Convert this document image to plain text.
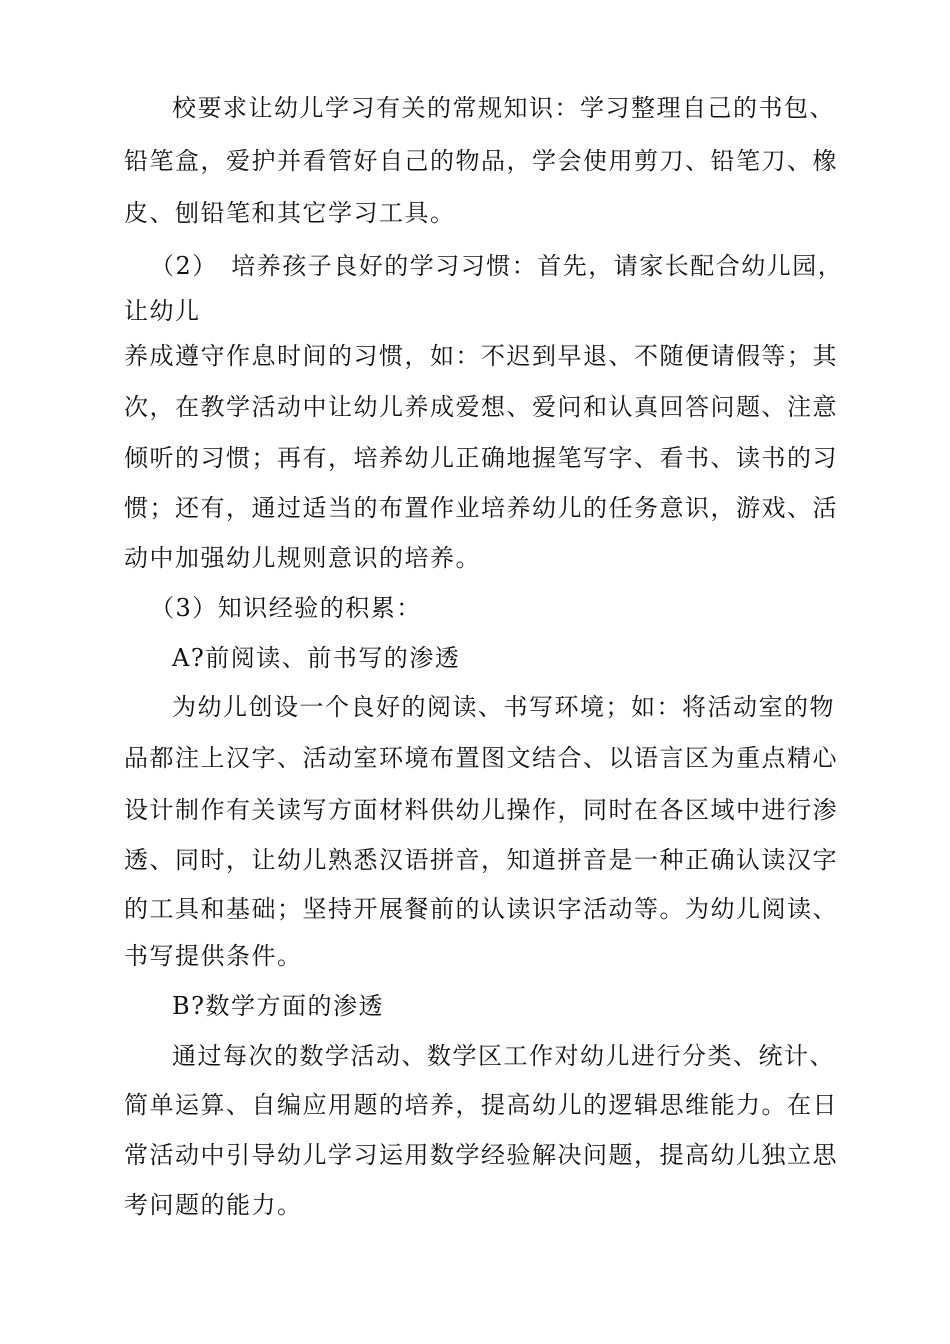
校要求让幼儿学习有关的常规知识：学习整理自己的书包、
铅笔盒，爱护并看管好自己的物品，学会使用剪刀、铅笔刀、橡
皮、刨铅笔和其它学习工具。
（2）　培养孩子良好的学习习惯：首先，请家长配合幼儿园，
让幼儿
养成遵守作息时间的习惯，如：不迟到早退、不随便请假等；其
次，在教学活动中让幼儿养成爱想、爱问和认真回答问题、注意
倾听的习惯；再有，培养幼儿正确地握笔写字、看书、读书的习
惯；还有，通过适当的布置作业培养幼儿的任务意识，游戏、活
动中加强幼儿规则意识的培养。
（3）知识经验的积累：
A?前阅读、前书写的渗透
为幼儿创设一个良好的阅读、书写环境；如：将活动室的物
品都注上汉字、活动室环境布置图文结合、以语言区为重点精心
设计制作有关读写方面材料供幼儿操作，同时在各区域中进行渗
透、同时，让幼儿熟悉汉语拼音，知道拼音是一种正确认读汉字
的工具和基础；坚持开展餐前的认读识字活动等。为幼儿阅读、
书写提供条件。
B?数学方面的渗透
通过每次的数学活动、数学区工作对幼儿进行分类、统计、
简单运算、自编应用题的培养，提高幼儿的逻辑思维能力。在日
常活动中引导幼儿学习运用数学经验解决问题，提高幼儿独立思
考问题的能力。
